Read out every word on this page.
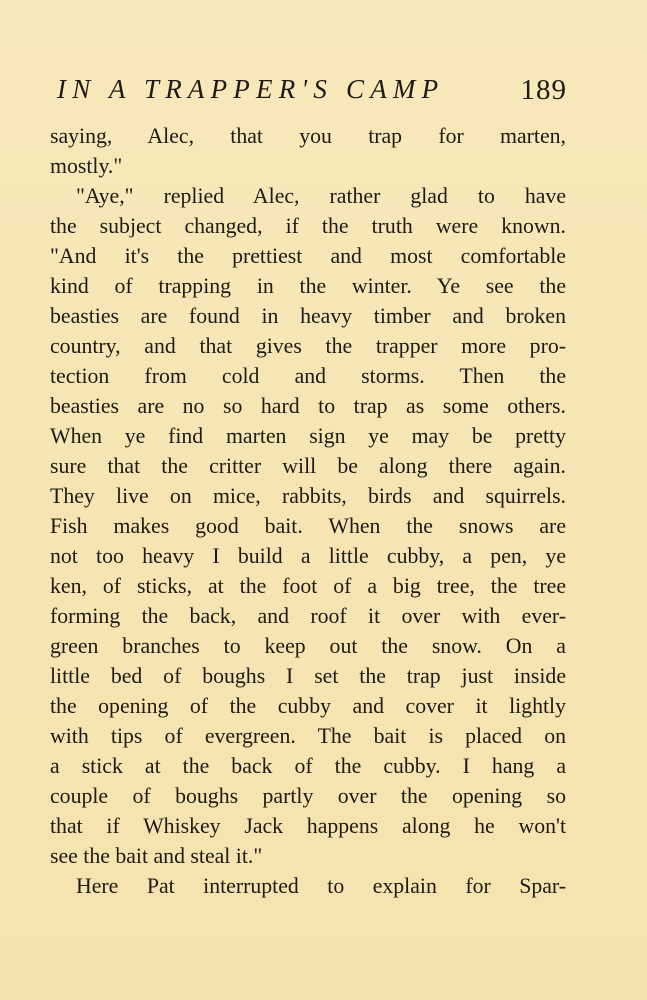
IN A TRAPPER'S CAMP	189
saying, Alec, that you trap for marten,
mostly."
"Aye," replied Alec, rather glad to have
the subject changed, if the truth were known.
"And it's the prettiest and most comfortable
kind of trapping in the winter. Ye see the
beasties are found in heavy timber and broken
country, and that gives the trapper more pro-
tection from cold and storms. Then the
beasties are no so hard to trap as some others.
When ye find marten sign ye may be pretty
sure that the critter will be along there again.
They live on mice, rabbits, birds and squirrels.
Fish makes good bait. When the snows are
not too heavy I build a little cubby, a pen, ye
ken, of sticks, at the foot of a big tree, the tree
forming the back, and roof it over with ever-
green branches to keep out the snow. On a
little bed of boughs I set the trap just inside
the opening of the cubby and cover it lightly
with tips of evergreen. The bait is placed on
a stick at the back of the cubby. I hang a
couple of boughs partly over the opening so
that if Whiskey Jack happens along he won't
see the bait and steal it."
Here Pat interrupted to explain for Spar-
